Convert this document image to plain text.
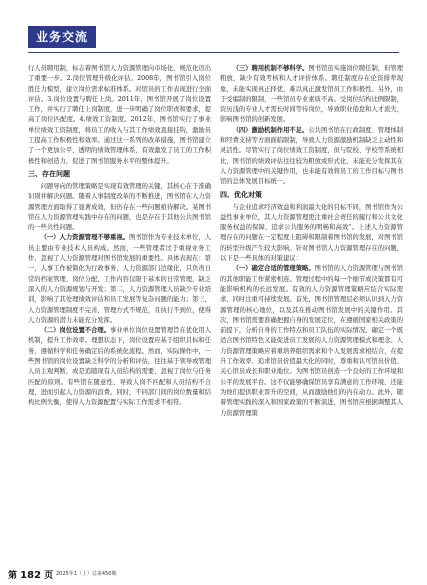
业务交流

行人员聘用制，标志着图书馆人力资源管理向市场化、规范化迈出了重要一步。2.岗位管理升级化评估。2008年，图书馆引入岗位胜任力模型，建立岗位需求标准体系。对馆员的工作表现进行全面评估。3.岗位设置与聘任上岗。2011年，图书馆开展了岗位设置工作，并实行了聘任上岗制度，进一步明确了岗位职责和要求，提高了岗位匹配度。4.绩效工资制度。2012年，图书馆实行了事业单位绩效工资制度，将员工的收入与其工作绩效直接挂钩，激励员工提高工作积极性和效率。通过这一系列的改革措施，图书馆建立了一个更加公平、透明的绩效管理体系，有效激发了员工的工作积极性和创造力，促进了图书馆服务水平的整体提升。

三、存在问题

问题导向的管理策略是实现有效管理的关键，其核心在于准确识别并解决问题。随着人事制度改革的不断推进，图书馆在人力资源管理方面取得了显著成效，但仍存在一些问题亟待解决。某图书馆在人力资源管理实践中存在的问题，也是存在于其他公共图书馆的一些共性问题。

（一）人力资源管理不够重视。图书馆作为专业技术单位，人员主要由专业技术人员构成。然而，一些管理者过于重视业务工作，忽视了人力资源管理对图书馆发展的重要性。具体表现在：第一，人事工作被简化为行政事务，人力资源部门边缘化，只负责日常的档案管理、岗位分配、工作内容仅限于基本的日常管理，缺乏深入的人力资源规划与开发；第二，人力资源管理人员缺少专业培训，影响了其处理绩效评估和员工发展等复杂问题的能力；第三，人力资源管理制度不完善，管理方式不规范，且执行不到位，使得人力资源的潜力未能充分发挥。

（二）岗位设置不合理。事业单位岗位设置管理旨在优化用人机制，提升工作效率。理想状态下，岗位设置应基于组织目标和任务，遵循科学和任务确定后的系统化流程。然而，实际操作中，一些图书馆的岗位设置缺乏科学的分析和评估，往往基于领导或管理人员主观判断，或是追随现有人员结构的需要，忽视了岗位与任务匹配的原则。有些馆在随意性、导致人岗不匹配和人员结构不合理，进而引起人力资源的浪费。同时，不同部门间的岗位数量和结构比例失衡，使得人力资源配置与实际工作需求不相符。

（三）聘用机制不够科学。图书馆虽实施岗位聘任制，但管理粗放，缺少有效考核和人才评价体系。聘任制度存在论资排辈现象，未能实现真正择优，难以真正激发馆员工作积极性。另外，由于受编制的限制，一些馆员专业素质不高。受岗位结构比例限制，资历浅的专业人才需长时间等待岗位，导致职业倦怠和人才流失，影响图书馆的创新发展。

（四）激励机制作用不足。公共图书馆在行政制度、管理体制和经费支持等方面面临限制，导致人力资源激励机制缺乏主动性和灵活性。尽管实行了岗位绩效工资制度，但与院校、学校等系统相比，图书馆的绩效评估往往较为粗放或形式化，未能充分发挥其在人力资源管理中的关键作用，也未能有效将员工的工作目标与图书馆的总体发展目标统一。

四、优化对策

与企业追求经济效益和利润最大化的目标不同，图书馆作为公益性事业单位，其人力资源管理更注重社会责任的履行和公共文化服务权益的保障，追求公共服务的明畅和高效“。上述人力资源管理存在的问题在一定程度上阻碍和限制着图书馆的发展，对图书馆的转型升级产生较大影响。针对图书馆人力资源管理存在的问题，以下是一些具体的对策建议：

（一）确定合适的管理策略。图书馆的人力资源管理与图书馆的其他职能工作紧密相连。管理过程中的每一个细节或决策都有可能影响机构的长远发展。有效的人力资源管理策略应结合实际需求，同时注重可持续发展。首先，图书馆管理层必须认识到人力资源管理的核心地位，以及其在推动图书馆发展中的关键作用。其次，图书馆需要准确把握自身的发展定位，在遵循国家相关政策的前提下，分析自身的工作特点和员工队伍的实际情况，确定一个既适合图书馆特色又能促进员工发展的人力资源管理模式和理念。人力资源管理策略应着重培养组织需求和个人发展需求相结合，在提升工作效率、追求馆员价值最大化的同时，尊重和认可馆员价值、关心馆员成长和职业地位。为图书馆员创造一个良好的工作环境和公平的发展平台。这不仅能够确保馆员享有满意的工作环境，还能为他们提供职业晋升的空间，从而激励他们的内在动力。此外，随着管理实践的深入和国家政策的不断演进，图书馆应根据调整其人力资源管理策

第 182 页 2025年1（上）总第450期
